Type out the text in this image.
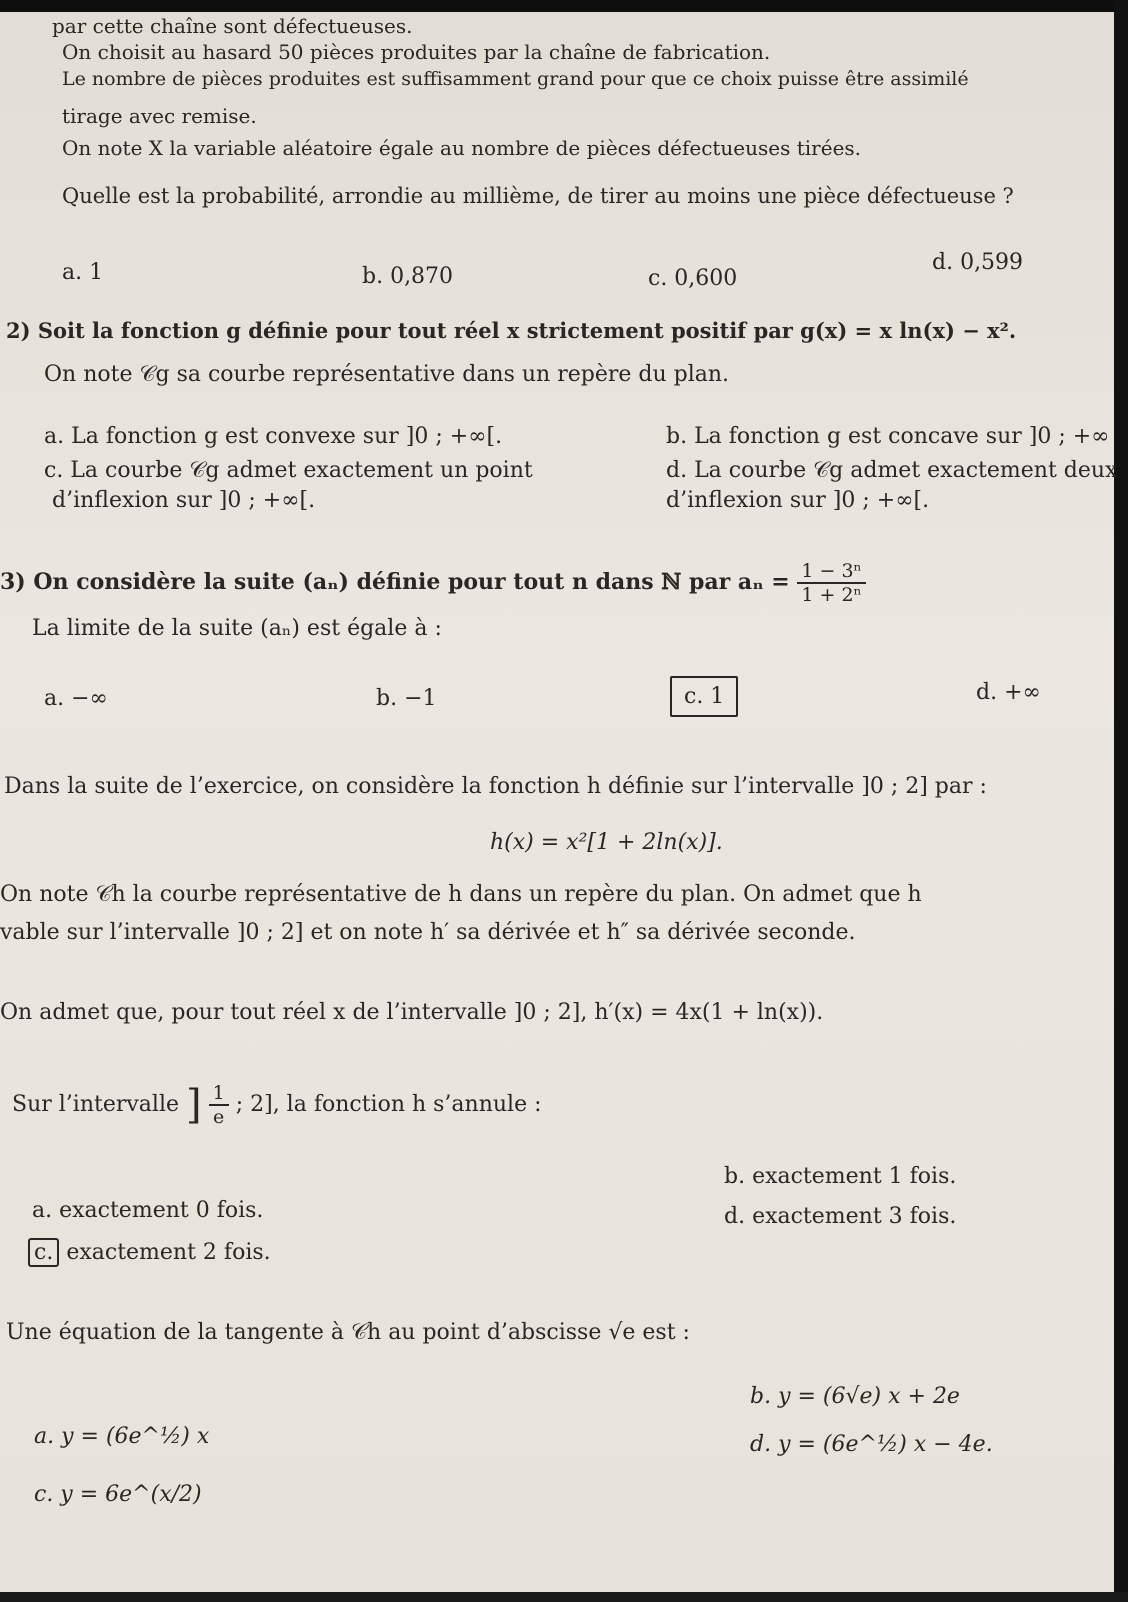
par cette chaîne sont défectueuses.
On choisit au hasard 50 pièces produites par la chaîne de fabrication.
Le nombre de pièces produites est suffisamment grand pour que ce choix puisse être assimilé
tirage avec remise.
On note X la variable aléatoire égale au nombre de pièces défectueuses tirées.
Quelle est la probabilité, arrondie au millième, de tirer au moins une pièce défectueuse ?
a. 1	b. 0,870	c. 0,600
d. 0,599
2) Soit la fonction g définie pour tout réel x strictement positif par g(x) = x ln(x) − x².
On note 𝒞g sa courbe représentative dans un repère du plan.
a. La fonction g est convexe sur ]0 ; +∞[.	b. La fonction g est concave sur ]0 ; +∞
c. La courbe 𝒞g admet exactement un point
d’inflexion sur ]0 ; +∞[.
d. La courbe 𝒞g admet exactement deux
d’inflexion sur ]0 ; +∞[.
3) On considère la suite (aₙ) définie pour tout n dans ℕ par $a_n = \frac{\text{1 − 3ⁿ}}{\text{1 + 2ⁿ}}$
La limite de la suite (aₙ) est égale à :
a. −∞	b. −1	c. 1	d. +∞
Dans la suite de l’exercice, on considère la fonction h définie sur l’intervalle ]0 ; 2] par :
h(x) = x²[1 + 2ln(x)].
On note 𝒞h la courbe représentative de h dans un repère du plan. On admet que h
vable sur l’intervalle ]0 ; 2] et on note h′ sa dérivée et h″ sa dérivée seconde.
On admet que, pour tout réel x de l’intervalle ]0 ; 2], h′(x) = 4x(1 + ln(x)).
Sur l’intervalle ] $\frac{1}{e}$ ; 2], la fonction h s’annule :
b. exactement 1 fois.
a. exactement 0 fois.	d. exactement 3 fois.
c. exactement 2 fois.
Une équation de la tangente à 𝒞h au point d’abscisse √e est :
b. y = (6√e) x + 2e
a. y = (6e^½) x	d. y = (6e^½) x − 4e.
c. y = 6e^(x/2)
